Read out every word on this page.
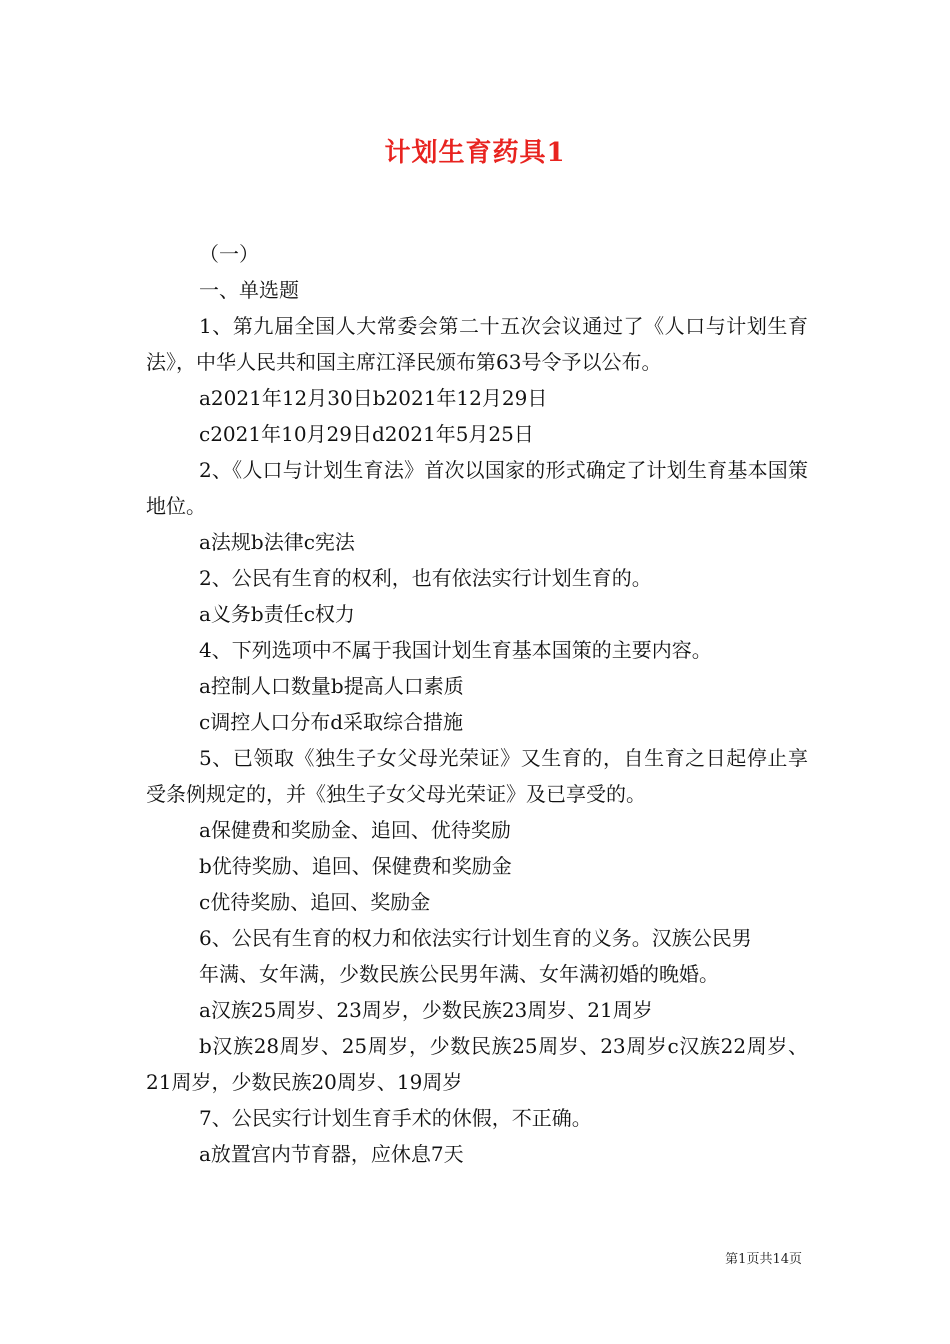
计划生育药具1

（一）

一、单选题

1、第九届全国人大常委会第二十五次会议通过了《人口与计划生育法》，中华人民共和国主席江泽民颁布第63号令予以公布。

a2021年12月30日b2021年12月29日

c2021年10月29日d2021年5月25日

2、《人口与计划生育法》首次以国家的形式确定了计划生育基本国策地位。

a法规b法律c宪法

2、公民有生育的权利，也有依法实行计划生育的。

a义务b责任c权力

4、下列选项中不属于我国计划生育基本国策的主要内容。

a控制人口数量b提高人口素质

c调控人口分布d采取综合措施

5、已领取《独生子女父母光荣证》又生育的，自生育之日起停止享受条例规定的，并《独生子女父母光荣证》及已享受的。

a保健费和奖励金、追回、优待奖励

b优待奖励、追回、保健费和奖励金

c优待奖励、追回、奖励金

6、公民有生育的权力和依法实行计划生育的义务。汉族公民男

年满、女年满，少数民族公民男年满、女年满初婚的晚婚。

a汉族25周岁、23周岁，少数民族23周岁、21周岁

b汉族28周岁、25周岁，少数民族25周岁、23周岁c汉族22周岁、21周岁，少数民族20周岁、19周岁

7、公民实行计划生育手术的休假，不正确。

a放置宫内节育器，应休息7天

第1页共14页
